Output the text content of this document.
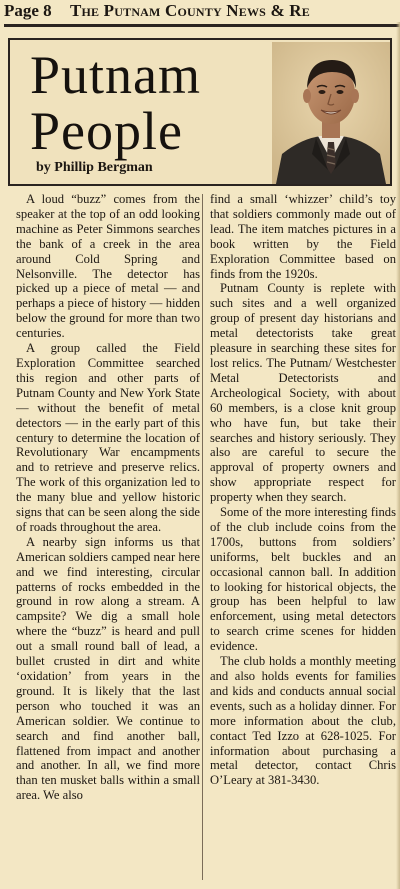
Page 8 The Putnam County News & Re
Putnam
People
by Phillip Bergman

A loud “buzz” comes from the speaker at the top of an odd looking machine as Peter Simmons searches the bank of a creek in the area around Cold Spring and Nelsonville. The detector has picked up a piece of metal — and perhaps a piece of history — hidden below the ground for more than two centuries.

A group called the Field Exploration Committee searched this region and other parts of Putnam County and New York State — without the benefit of metal detectors — in the early part of this century to determine the location of Revolutionary War encampments and to retrieve and preserve relics. The work of this organization led to the many blue and yellow historic signs that can be seen along the side of roads throughout the area.

A nearby sign informs us that American soldiers camped near here and we find interesting, circular patterns of rocks embedded in the ground in row along a stream. A campsite? We dig a small hole where the “buzz” is heard and pull out a small round ball of lead, a bullet crusted in dirt and white ‘oxidation’ from years in the ground. It is likely that the last person who touched it was an American soldier. We continue to search and find another ball, flattened from impact and another and another. In all, we find more than ten musket balls within a small area. We also

find a small ‘whizzer’ child’s toy that soldiers commonly made out of lead. The item matches pictures in a book written by the Field Exploration Committee based on finds from the 1920s.

Putnam County is replete with such sites and a well organized group of present day historians and metal detectorists take great pleasure in searching these sites for lost relics. The Putnam/ Westchester Metal Detectorists and Archeological Society, with about 60 members, is a close knit group who have fun, but take their searches and history seriously. They also are careful to secure the approval of property owners and show appropriate respect for property when they search.

Some of the more interesting finds of the club include coins from the 1700s, buttons from soldiers’ uniforms, belt buckles and an occasional cannon ball. In addition to looking for historical objects, the group has been helpful to law enforcement, using metal detectors to search crime scenes for hidden evidence.

The club holds a monthly meeting and also holds events for families and kids and conducts annual social events, such as a holiday dinner. For more information about the club, contact Ted Izzo at 628-1025. For information about purchasing a metal detector, contact Chris O’Leary at 381-3430.
